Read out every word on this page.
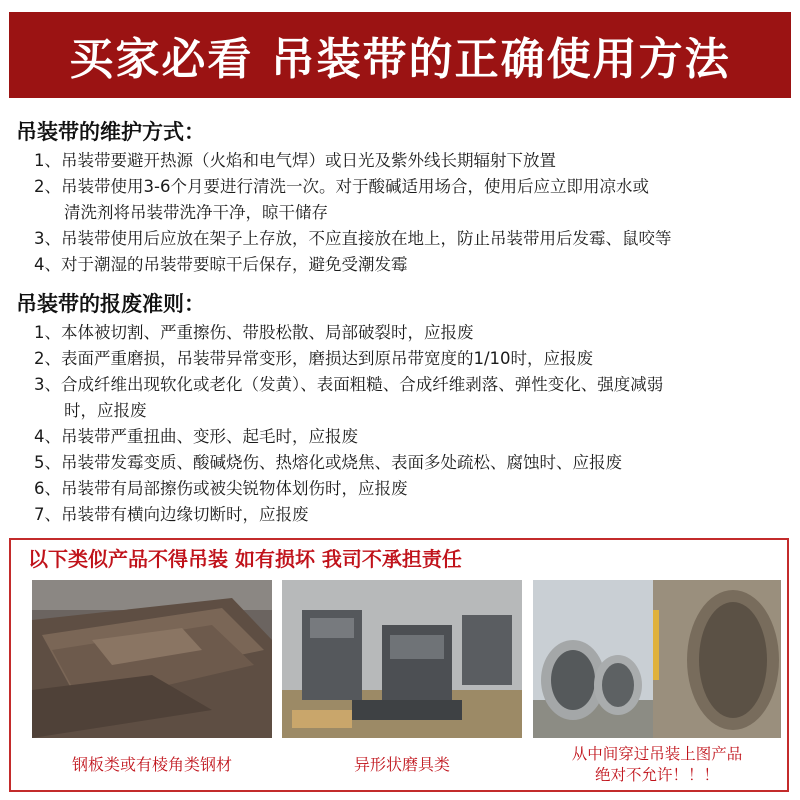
买家必看 吊装带的正确使用方法
吊装带的维护方式：
1、吊装带要避开热源（火焰和电气焊）或日光及紫外线长期辐射下放置
2、吊装带使用3-6个月要进行清洗一次。对于酸碱适用场合，使用后应立即用凉水或
清洗剂将吊装带洗净干净，晾干储存
3、吊装带使用后应放在架子上存放，不应直接放在地上，防止吊装带用后发霉、鼠咬等
4、对于潮湿的吊装带要晾干后保存，避免受潮发霉
吊装带的报废准则：
1、本体被切割、严重擦伤、带股松散、局部破裂时，应报废
2、表面严重磨损，吊装带异常变形，磨损达到原吊带宽度的1/10时，应报废
3、合成纤维出现软化或老化（发黄）、表面粗糙、合成纤维剥落、弹性变化、强度减弱
时，应报废
4、吊装带严重扭曲、变形、起毛时，应报废
5、吊装带发霉变质、酸碱烧伤、热熔化或烧焦、表面多处疏松、腐蚀时、应报废
6、吊装带有局部擦伤或被尖锐物体划伤时，应报废
7、吊装带有横向边缘切断时，应报废
以下类似产品不得吊装 如有损坏 我司不承担责任
钢板类或有棱角类钢材	异形状磨具类
从中间穿过吊装上图产品
绝对不允许！！！
